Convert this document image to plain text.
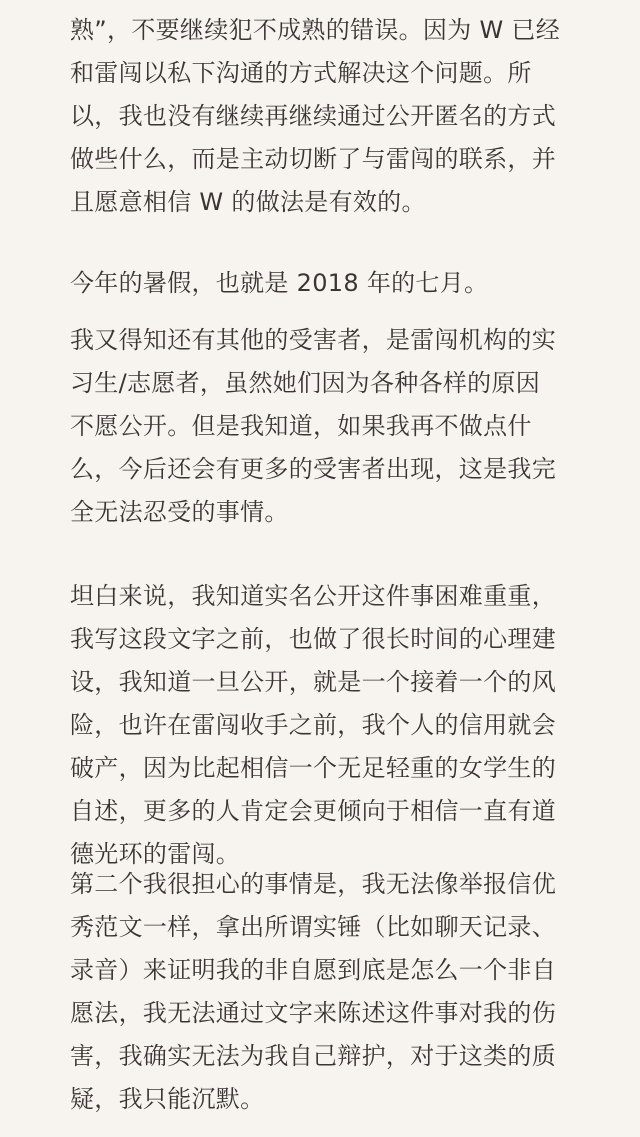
熟”，不要继续犯不成熟的错误。因为 W 已经
和雷闯以私下沟通的方式解决这个问题。所
以，我也没有继续再继续通过公开匿名的方式
做些什么，而是主动切断了与雷闯的联系，并
且愿意相信 W 的做法是有效的。
今年的暑假，也就是 2018 年的七月。
我又得知还有其他的受害者，是雷闯机构的实
习生/志愿者，虽然她们因为各种各样的原因
不愿公开。但是我知道，如果我再不做点什
么，今后还会有更多的受害者出现，这是我完
全无法忍受的事情。
坦白来说，我知道实名公开这件事困难重重，
我写这段文字之前，也做了很长时间的心理建
设，我知道一旦公开，就是一个接着一个的风
险，也许在雷闯收手之前，我个人的信用就会
破产，因为比起相信一个无足轻重的女学生的
自述，更多的人肯定会更倾向于相信一直有道
德光环的雷闯。
第二个我很担心的事情是，我无法像举报信优
秀范文一样，拿出所谓实锤（比如聊天记录、
录音）来证明我的非自愿到底是怎么一个非自
愿法，我无法通过文字来陈述这件事对我的伤
害，我确实无法为我自己辩护，对于这类的质
疑，我只能沉默。
